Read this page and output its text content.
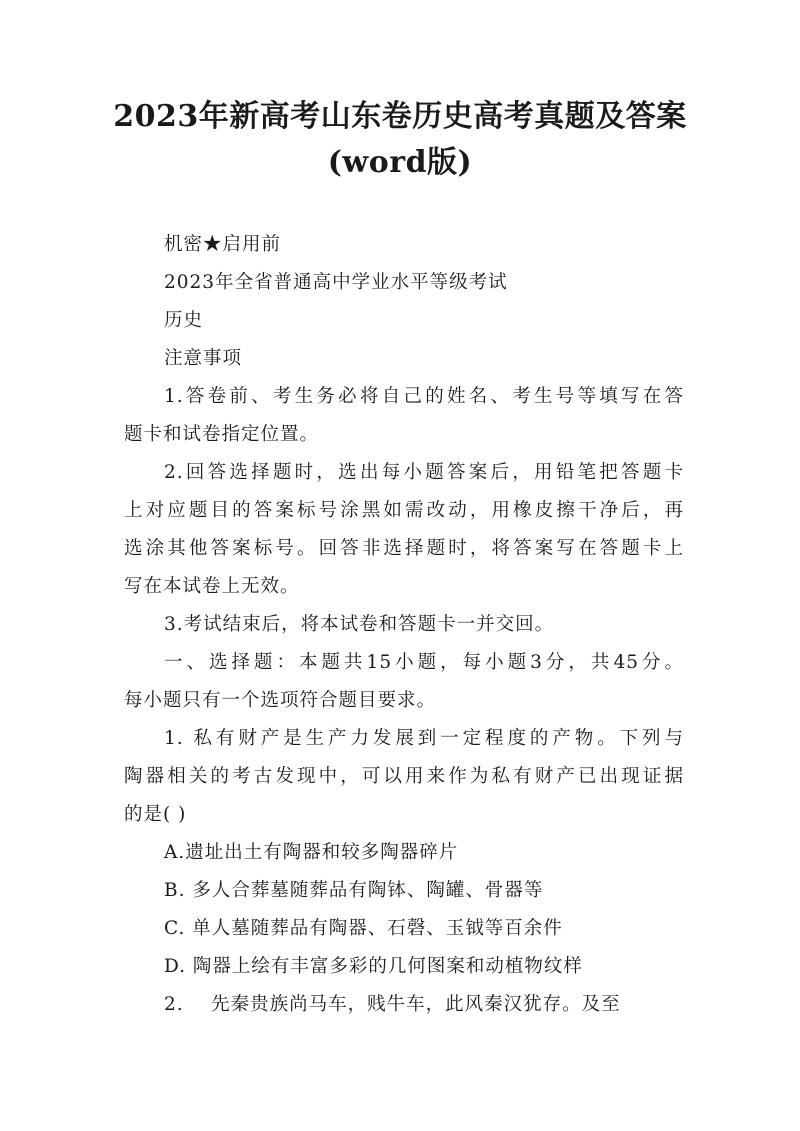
2023年新高考山东卷历史高考真题及答案
(word版)
机密★启用前
2023年全省普通高中学业水平等级考试
历史
注意事项
1.答卷前、考生务必将自己的姓名、考生号等填写在答
题卡和试卷指定位置。
2.回答选择题时，选出每小题答案后，用铅笔把答题卡
上对应题目的答案标号涂黑如需改动，用橡皮擦干净后，再
选涂其他答案标号。回答非选择题时，将答案写在答题卡上
写在本试卷上无效。
3.考试结束后，将本试卷和答题卡一并交回。
一、选择题：本题共15小题，每小题3分，共45分。
每小题只有一个选项符合题目要求。
1. 私有财产是生产力发展到一定程度的产物。下列与
陶器相关的考古发现中，可以用来作为私有财产已出现证据
的是( )
A.遗址出土有陶器和较多陶器碎片
B. 多人合葬墓随葬品有陶钵、陶罐、骨器等
C. 单人墓随葬品有陶器、石磬、玉钺等百余件
D. 陶器上绘有丰富多彩的几何图案和动植物纹样
2.    先秦贵族尚马车，贱牛车，此风秦汉犹存。及至
